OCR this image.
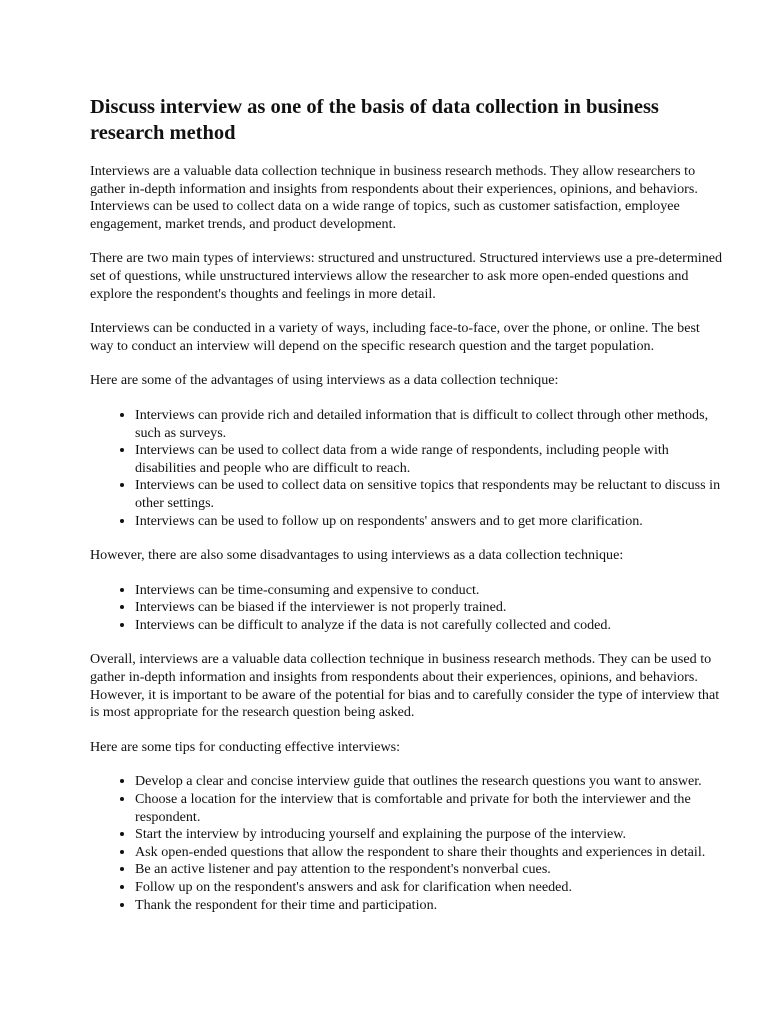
Discuss interview as one of the basis of data collection in business research method

Interviews are a valuable data collection technique in business research methods. They allow researchers to gather in-depth information and insights from respondents about their experiences, opinions, and behaviors. Interviews can be used to collect data on a wide range of topics, such as customer satisfaction, employee engagement, market trends, and product development.

There are two main types of interviews: structured and unstructured. Structured interviews use a pre-determined set of questions, while unstructured interviews allow the researcher to ask more open-ended questions and explore the respondent's thoughts and feelings in more detail.

Interviews can be conducted in a variety of ways, including face-to-face, over the phone, or online. The best way to conduct an interview will depend on the specific research question and the target population.

Here are some of the advantages of using interviews as a data collection technique:

• Interviews can provide rich and detailed information that is difficult to collect through other methods, such as surveys.
• Interviews can be used to collect data from a wide range of respondents, including people with disabilities and people who are difficult to reach.
• Interviews can be used to collect data on sensitive topics that respondents may be reluctant to discuss in other settings.
• Interviews can be used to follow up on respondents' answers and to get more clarification.

However, there are also some disadvantages to using interviews as a data collection technique:

• Interviews can be time-consuming and expensive to conduct.
• Interviews can be biased if the interviewer is not properly trained.
• Interviews can be difficult to analyze if the data is not carefully collected and coded.

Overall, interviews are a valuable data collection technique in business research methods. They can be used to gather in-depth information and insights from respondents about their experiences, opinions, and behaviors. However, it is important to be aware of the potential for bias and to carefully consider the type of interview that is most appropriate for the research question being asked.

Here are some tips for conducting effective interviews:

• Develop a clear and concise interview guide that outlines the research questions you want to answer.
• Choose a location for the interview that is comfortable and private for both the interviewer and the respondent.
• Start the interview by introducing yourself and explaining the purpose of the interview.
• Ask open-ended questions that allow the respondent to share their thoughts and experiences in detail.
• Be an active listener and pay attention to the respondent's nonverbal cues.
• Follow up on the respondent's answers and ask for clarification when needed.
• Thank the respondent for their time and participation.
